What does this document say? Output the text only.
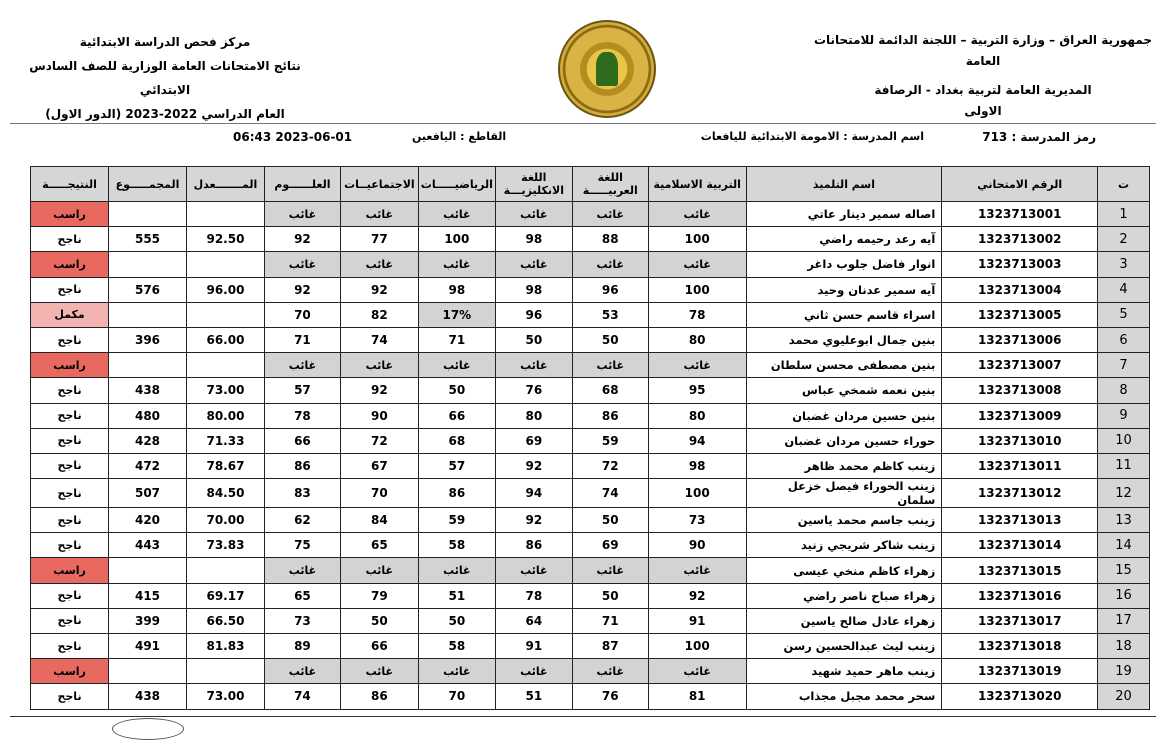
مركز فحص الدراسة الابتدائية
نتائج الامتحانات العامة الوزارية للصف السادس الابتدائي
العام الدراسي 2022-2023 (الدور الاول)
جمهورية العراق – وزارة التربية – اللجنة الدائمة للامتحانات العامة
المديرية العامة لتربية بغداد - الرصافة
الاولى
رمز المدرسة : 713
اسم المدرسة : الامومة الابتدائية لليافعات
القاطع : اليافعين
06:43 2023-06-01
ت	الرقم الامتحاني	اسم التلميذ	التربية الاسلامية	اللغة العربيـــــة	اللغة الانكليزيـــة	الرياضيـــــات	الاجتماعيــات	العلــــــوم	المـــــــعدل	المجمـــــوع	النتيجـــــة
1	1323713001	اصاله سمير دينار عاتي	غائب	غائب	غائب	غائب	غائب	غائب			راسب
2	1323713002	آيه رعد رحيمه راضي	100	88	98	100	77	92	92.50	555	ناجح
3	1323713003	انوار فاضل جلوب داغر	غائب	غائب	غائب	غائب	غائب	غائب			راسب
4	1323713004	آيه سمير عدنان وحيد	100	96	98	98	92	92	96.00	576	ناجح
5	1323713005	اسراء قاسم حسن ثاني	78	53	96	17%	82	70			مكمل
6	1323713006	بنين جمال ابوعليوي محمد	80	50	50	71	74	71	66.00	396	ناجح
7	1323713007	بنين مصطفى محسن سلطان	غائب	غائب	غائب	غائب	غائب	غائب			راسب
8	1323713008	بنين نعمه شمخي عباس	95	68	76	50	92	57	73.00	438	ناجح
9	1323713009	بنين حسين مردان غضبان	80	86	80	66	90	78	80.00	480	ناجح
10	1323713010	حوراء حسين مردان غضبان	94	59	69	68	72	66	71.33	428	ناجح
11	1323713011	زينب كاظم محمد ظاهر	98	72	92	57	67	86	78.67	472	ناجح
12	1323713012	زينب الحوراء فيصل خزعل سلمان	100	74	94	86	70	83	84.50	507	ناجح
13	1323713013	زينب جاسم محمد ياسين	73	50	92	59	84	62	70.00	420	ناجح
14	1323713014	زينب شاكر شريجي زنيد	90	69	86	58	65	75	73.83	443	ناجح
15	1323713015	زهراء كاظم منخي عيسى	غائب	غائب	غائب	غائب	غائب	غائب			راسب
16	1323713016	زهراء صباح ناصر راضي	92	50	78	51	79	65	69.17	415	ناجح
17	1323713017	زهراء عادل صالح ياسين	91	71	64	50	50	73	66.50	399	ناجح
18	1323713018	زينب ليث عبدالحسين رسن	100	87	91	58	66	89	81.83	491	ناجح
19	1323713019	زينب ماهر حميد شهيد	غائب	غائب	غائب	غائب	غائب	غائب			راسب
20	1323713020	سحر محمد مجبل مجذاب	81	76	51	70	86	74	73.00	438	ناجح
